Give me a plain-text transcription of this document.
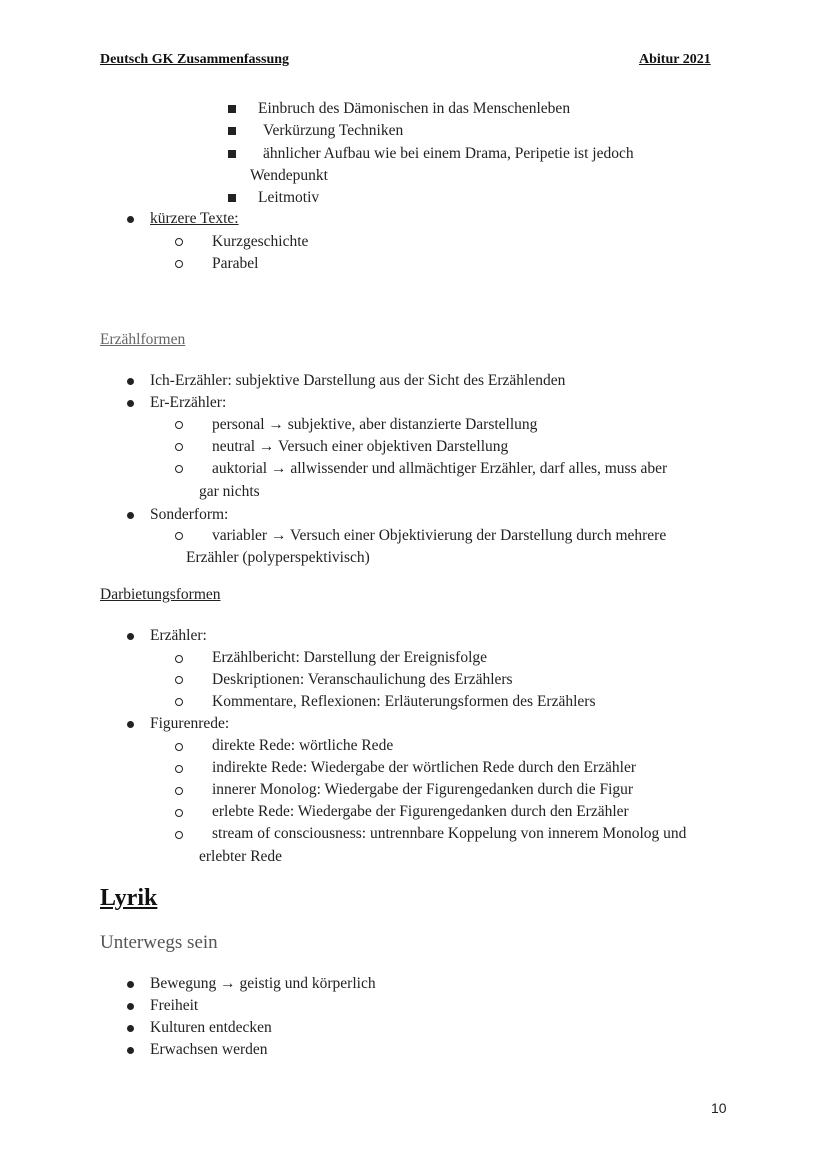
Deutsch GK Zusammenfassung	Abitur 2021
Einbruch des Dämonischen in das Menschenleben
Verkürzung Techniken
ähnlicher Aufbau wie bei einem Drama, Peripetie ist jedoch
Wendepunkt
Leitmotiv
kürzere Texte:
Kurzgeschichte
Parabel
Erzählformen
Ich-Erzähler: subjektive Darstellung aus der Sicht des Erzählenden
Er-Erzähler:
personal → subjektive, aber distanzierte Darstellung
neutral → Versuch einer objektiven Darstellung
auktorial → allwissender und allmächtiger Erzähler, darf alles, muss aber
gar nichts
Sonderform:
variabler → Versuch einer Objektivierung der Darstellung durch mehrere
Erzähler (polyperspektivisch)
Darbietungsformen
Erzähler:
Erzählbericht: Darstellung der Ereignisfolge
Deskriptionen: Veranschaulichung des Erzählers
Kommentare, Reflexionen: Erläuterungsformen des Erzählers
Figurenrede:
direkte Rede: wörtliche Rede
indirekte Rede: Wiedergabe der wörtlichen Rede durch den Erzähler
innerer Monolog: Wiedergabe der Figurengedanken durch die Figur
erlebte Rede: Wiedergabe der Figurengedanken durch den Erzähler
stream of consciousness: untrennbare Koppelung von innerem Monolog und
erlebter Rede
Lyrik
Unterwegs sein
Bewegung → geistig und körperlich
Freiheit
Kulturen entdecken
Erwachsen werden
10
